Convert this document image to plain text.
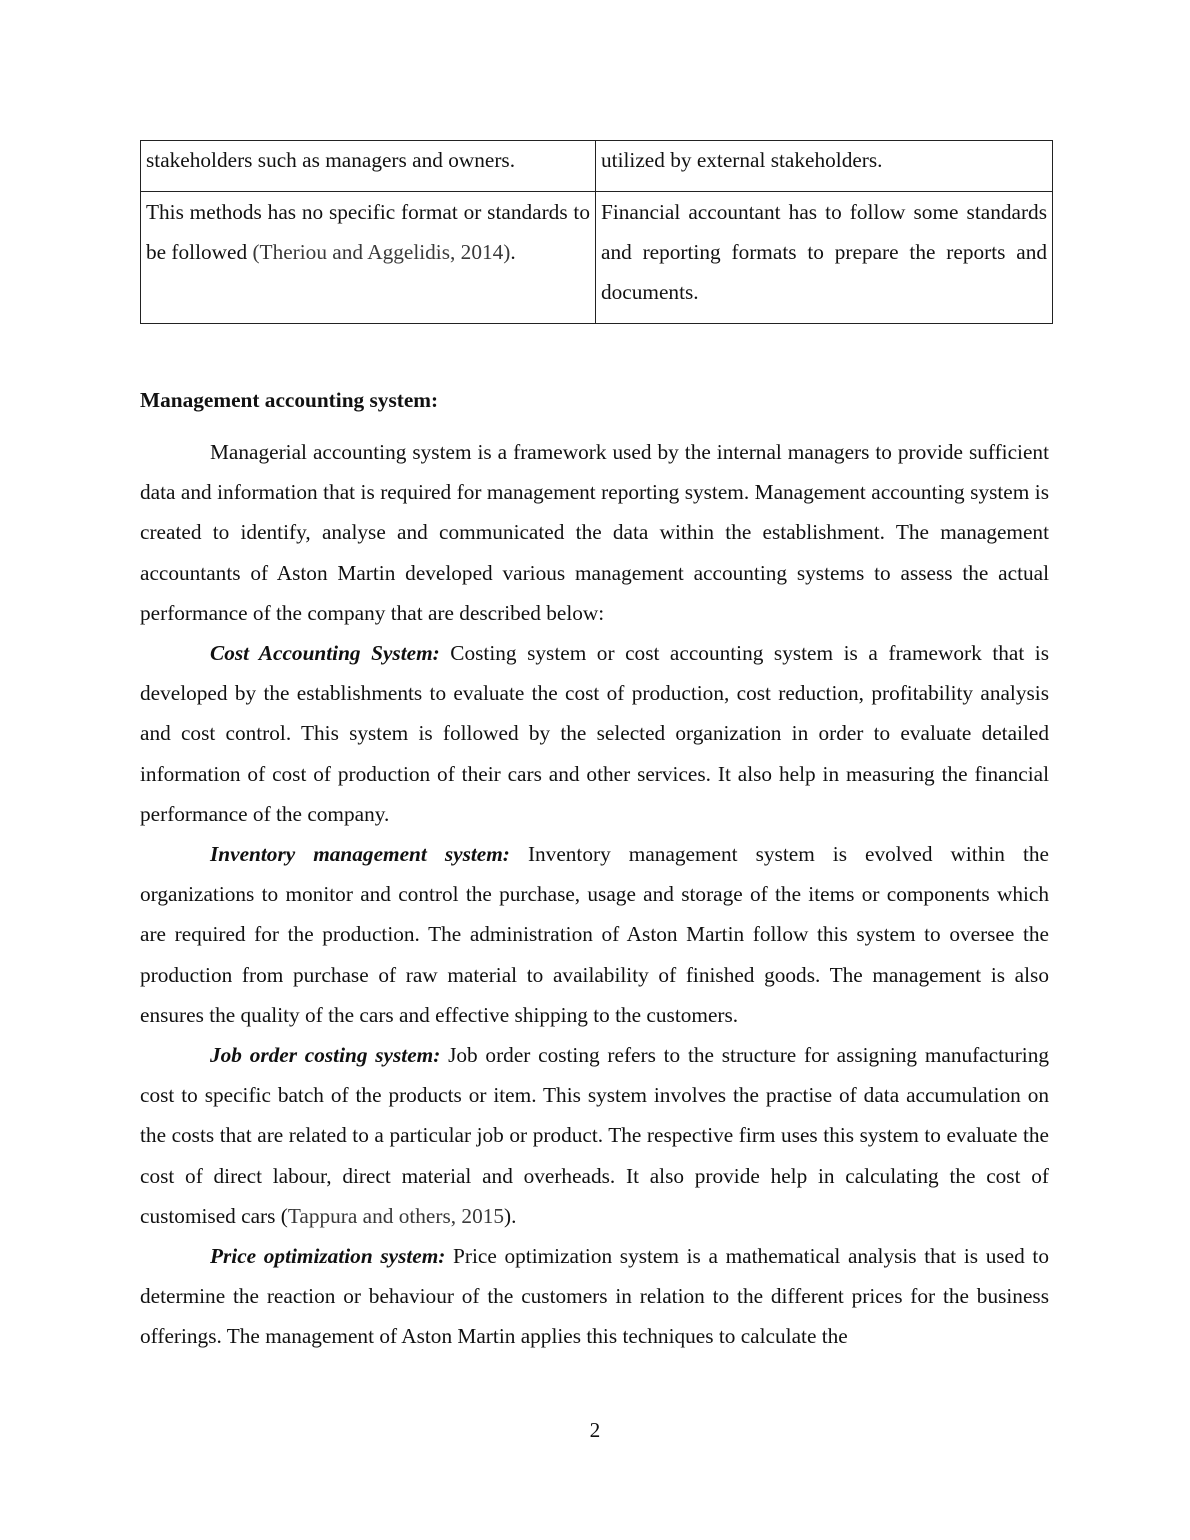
stakeholders such as managers and owners.	utilized by external stakeholders.

This methods has no specific format or standards to be followed (Theriou and Aggelidis, 2014).	Financial accountant has to follow some standards and reporting formats to prepare the reports and documents.

Management accounting system:

Managerial accounting system is a framework used by the internal managers to provide sufficient data and information that is required for management reporting system. Management accounting system is created to identify, analyse and communicated the data within the establishment. The management accountants of Aston Martin developed various management accounting systems to assess the actual performance of the company that are described below:

Cost Accounting System: Costing system or cost accounting system is a framework that is developed by the establishments to evaluate the cost of production, cost reduction, profitability analysis and cost control. This system is followed by the selected organization in order to evaluate detailed information of cost of production of their cars and other services. It also help in measuring the financial performance of the company.

Inventory management system: Inventory management system is evolved within the organizations to monitor and control the purchase, usage and storage of the items or components which are required for the production. The administration of Aston Martin follow this system to oversee the production from purchase of raw material to availability of finished goods. The management is also ensures the quality of the cars and effective shipping to the customers.

Job order costing system: Job order costing refers to the structure for assigning manufacturing cost to specific batch of the products or item. This system involves the practise of data accumulation on the costs that are related to a particular job or product. The respective firm uses this system to evaluate the cost of direct labour, direct material and overheads. It also provide help in calculating the cost of customised cars (Tappura and others, 2015).

Price optimization system: Price optimization system is a mathematical analysis that is used to determine the reaction or behaviour of the customers in relation to the different prices for the business offerings. The management of Aston Martin applies this techniques to calculate the

2
